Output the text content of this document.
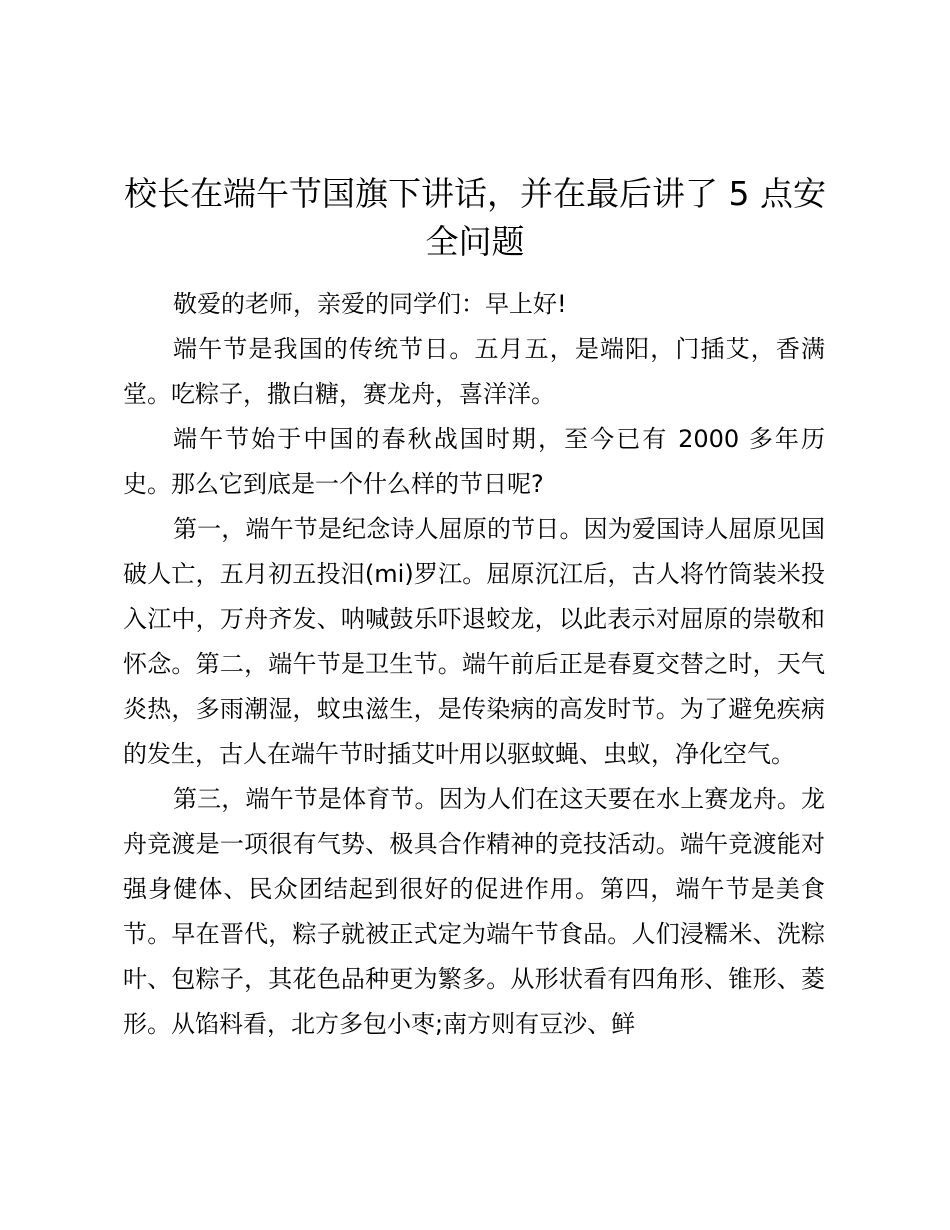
校长在端午节国旗下讲话，并在最后讲了 5 点安全问题

敬爱的老师，亲爱的同学们：早上好!

端午节是我国的传统节日。五月五，是端阳，门插艾，香满堂。吃粽子，撒白糖，赛龙舟，喜洋洋。

端午节始于中国的春秋战国时期，至今已有 2000 多年历史。那么它到底是一个什么样的节日呢?

第一，端午节是纪念诗人屈原的节日。因为爱国诗人屈原见国破人亡，五月初五投汨(mi)罗江。屈原沉江后，古人将竹筒装米投入江中，万舟齐发、呐喊鼓乐吓退蛟龙，以此表示对屈原的崇敬和怀念。第二，端午节是卫生节。端午前后正是春夏交替之时，天气炎热，多雨潮湿，蚊虫滋生，是传染病的高发时节。为了避免疾病的发生，古人在端午节时插艾叶用以驱蚊蝇、虫蚁，净化空气。

第三，端午节是体育节。因为人们在这天要在水上赛龙舟。龙舟竞渡是一项很有气势、极具合作精神的竞技活动。端午竞渡能对强身健体、民众团结起到很好的促进作用。第四，端午节是美食节。早在晋代，粽子就被正式定为端午节食品。人们浸糯米、洗粽叶、包粽子，其花色品种更为繁多。从形状看有四角形、锥形、菱形。从馅料看，北方多包小枣;南方则有豆沙、鲜
